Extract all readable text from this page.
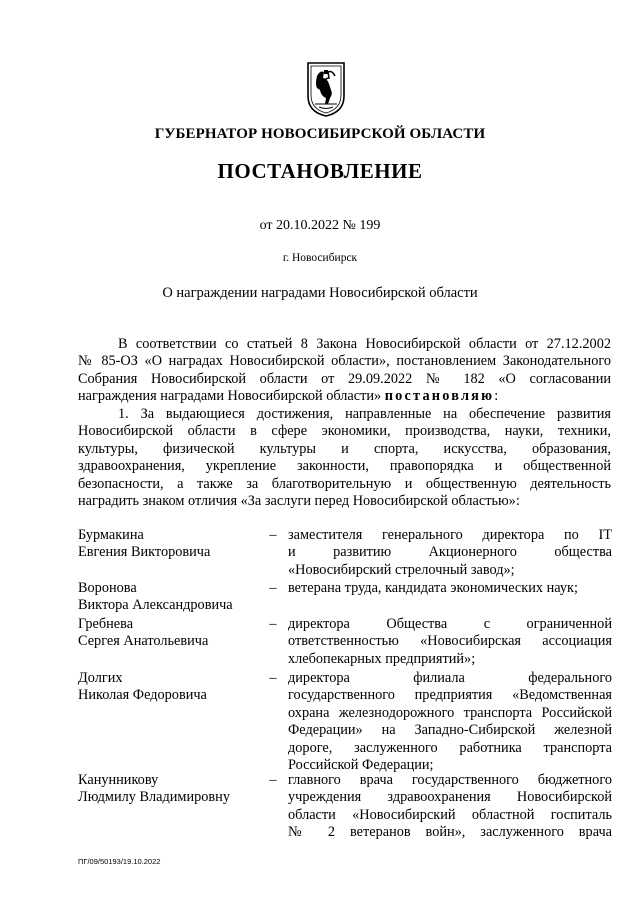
ГУБЕРНАТОР НОВОСИБИРСКОЙ ОБЛАСТИ
ПОСТАНОВЛЕНИЕ
от 20.10.2022 № 199
г. Новосибирск
О награждении наградами Новосибирской области
В соответствии со статьей 8 Закона Новосибирской области от 27.12.2002
№ 85-ОЗ «О наградах Новосибирской области», постановлением Законодательного
Собрания Новосибирской области от 29.09.2022 № 182 «О согласовании
награждения наградами Новосибирской области» постановляю:
1. За выдающиеся достижения, направленные на обеспечение развития
Новосибирской области в сфере экономики, производства, науки, техники,
культуры, физической культуры и спорта, искусства, образования,
здравоохранения, укрепление законности, правопорядка и общественной
безопасности, а также за благотворительную и общественную деятельность
наградить знаком отличия «За заслуги перед Новосибирской областью»:
Бурмакина
Евгения Викторовича
– заместителя генерального директора по IT
и развитию Акционерного общества
«Новосибирский стрелочный завод»;
Воронова
Виктора Александровича
– ветерана труда, кандидата экономических наук;
Гребнева
Сергея Анатольевича
– директора Общества с ограниченной
ответственностью «Новосибирская ассоциация
хлебопекарных предприятий»;
Долгих
Николая Федоровича
– директора филиала федерального
государственного предприятия «Ведомственная
охрана железнодорожного транспорта Российской
Федерации» на Западно-Сибирской железной
дороге, заслуженного работника транспорта
Российской Федерации;
Канунникову
Людмилу Владимировну
– главного врача государственного бюджетного
учреждения здравоохранения Новосибирской
области «Новосибирский областной госпиталь
№ 2 ветеранов войн», заслуженного врача
ПГ/09/50193/19.10.2022
